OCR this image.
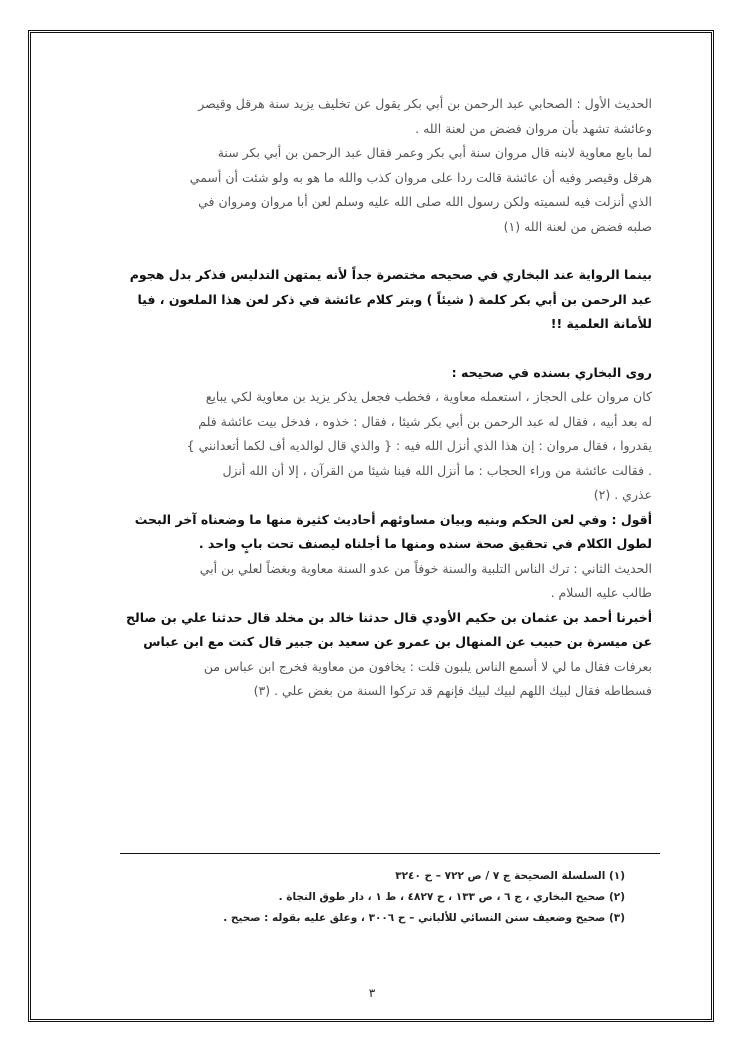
الحديث الأول : الصحابي عبد الرحمن بن أبي بكر يقول عن تخليف يزيد سنة هرقل وقيصر
وعائشة تشهد بأن مروان فضض من لعنة الله .
لما بايع معاوية لابنه قال مروان سنة أبي بكر وعمر فقال عبد الرحمن بن أبي بكر سنة
هرقل وقيصر وفيه أن عائشة قالت ردا على مروان كذب والله ما هو به ولو شئت أن أسمي
الذي أنزلت فيه لسميته ولكن رسول الله صلى الله عليه وسلم لعن أبا مروان ومروان في
صلبه فضض من لعنة الله (١)
بينما الرواية عند البخاري في صحيحه مختصرة جداً لأنه يمتهن التدليس فذكر بدل هجوم
عبد الرحمن بن أبي بكر كلمة ( شيئاً ) وبتر كلام عائشة في ذكر لعن هذا الملعون ، فيا
للأمانة العلمية !!
روى البخاري بسنده في صحيحه :
كان مروان على الحجاز ، استعمله معاوية ، فخطب فجعل يذكر يزيد بن معاوية لكي يبايع
له بعد أبيه ، فقال له عبد الرحمن بن أبي بكر شيئا ، فقال : خذوه ، فدخل بيت عائشة فلم
يقدروا ، فقال مروان : إن هذا الذي أنزل الله فيه : { والذي قال لوالديه أف لكما أتعدانني }
. فقالت عائشة من وراء الحجاب : ما أنزل الله فينا شيئا من القرآن ، إلا أن الله أنزل
عذري . (٢)
أقول : وفي لعن الحكم وبنيه وبيان مساوئهم أحاديث كثيرة منها ما وضعناه آخر البحث
لطول الكلام في تحقيق صحة سنده ومنها ما أجلناه ليصنف تحت بابٍ واحد .
الحديث الثاني : ترك الناس التلبية والسنة خوفاً من عدو السنة معاوية وبغضاً لعلي بن أبي
طالب عليه السلام .
أخبرنا أحمد بن عثمان بن حكيم الأودي قال حدثنا خالد بن مخلد قال حدثنا علي بن صالح
عن ميسرة بن حبيب عن المنهال بن عمرو عن سعيد بن جبير قال كنت مع ابن عباس
بعرفات فقال ما لي لا أسمع الناس يلبون قلت : يخافون من معاوية فخرج ابن عباس من
فسطاطه فقال لبيك اللهم لبيك لبيك فإنهم قد تركوا السنة من بغض علي . (٣)
(١) السلسلة الصحيحة ج ٧ / ص ٧٢٢ – ح ٣٢٤٠
(٢) صحيح البخاري ، ج ٦ ، ص ١٣٣ ، ح ٤٨٢٧ ، ط ١ ، دار طوق النجاة .
(٣) صحيح وضعيف سنن النسائي للألباني – ح ٣٠٠٦ ، وعلق عليه بقوله : صحيح .
٣
